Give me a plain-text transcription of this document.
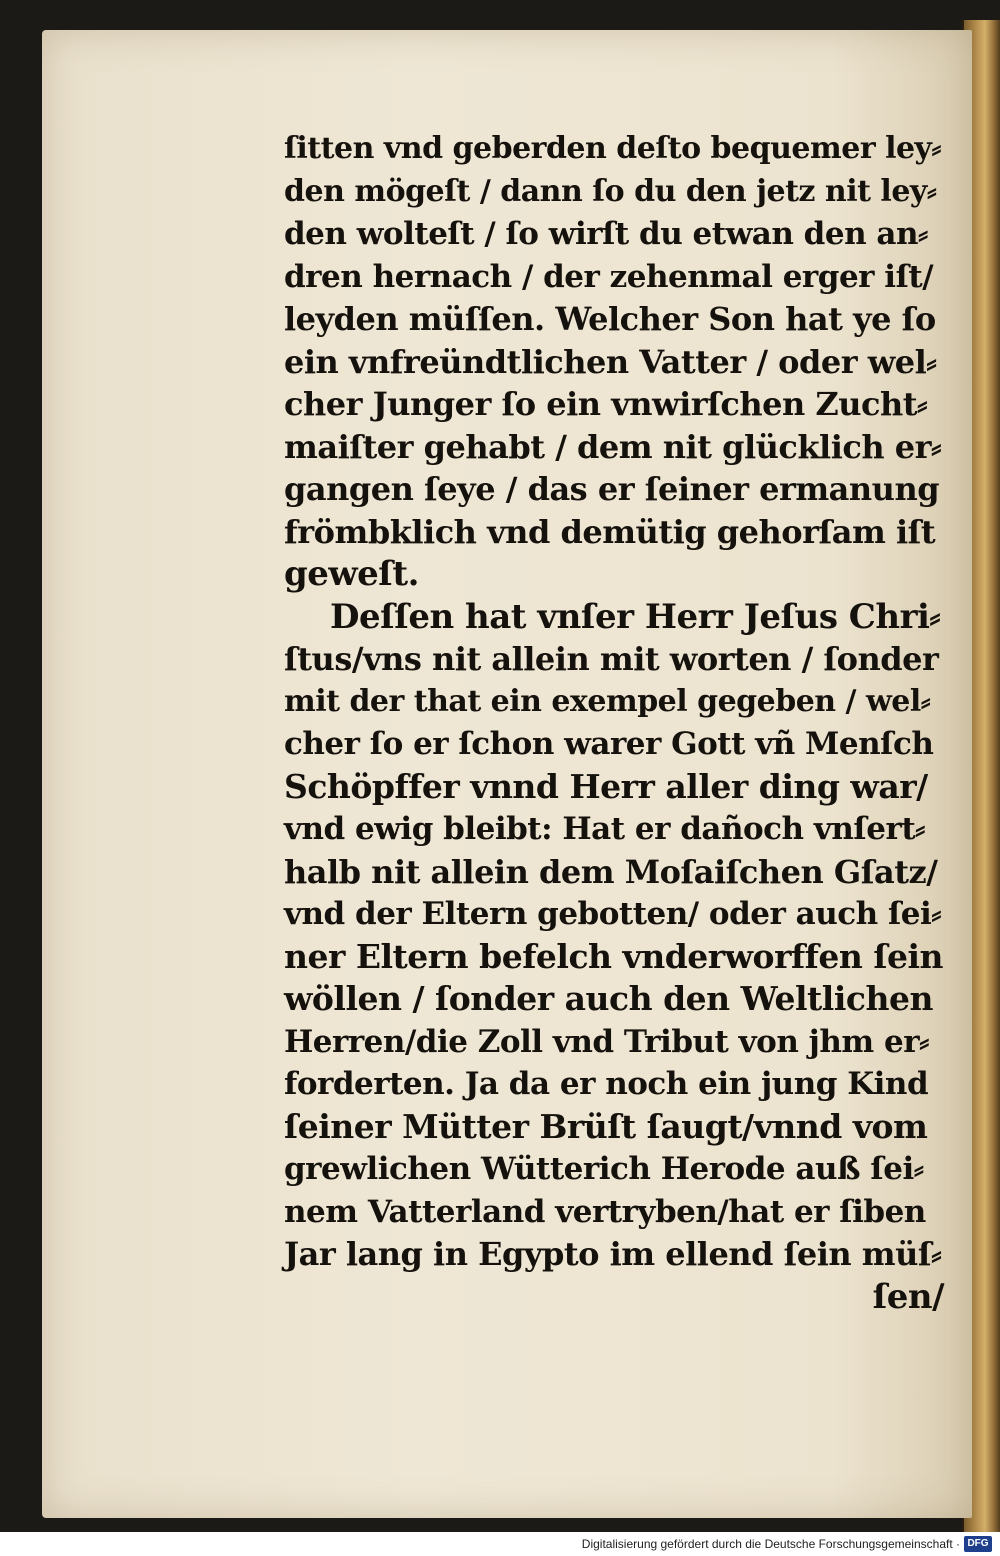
ſitten vnd geberden deſto bequemer ley⸗
den mögeſt / dann ſo du den jetz nit ley⸗
den wolteſt / ſo wirſt du etwan den an⸗
dren hernach / der zehenmal erger iſt/
leyden müſſen. Welcher Son hat ye ſo
ein vnfreündtlichen Vatter / oder wel⸗
cher Junger ſo ein vnwirſchen Zucht⸗
maiſter gehabt / dem nit glücklich er⸗
gangen ſeye / das er ſeiner ermanung
frömbklich vnd demütig gehorſam iſt
geweſt.
Deſſen hat vnſer Herr Jeſus Chri⸗
ſtus/vns nit allein mit worten / ſonder
mit der that ein exempel gegeben / wel⸗
cher ſo er ſchon warer Gott vñ Menſch
Schöpffer vnnd Herr aller ding war/
vnd ewig bleibt: Hat er dañoch vnſert⸗
halb nit allein dem Moſaiſchen Gſatz/
vnd der Eltern gebotten/ oder auch ſei⸗
ner Eltern befelch vnderworffen ſein
wöllen / ſonder auch den Weltlichen
Herren/die Zoll vnd Tribut von jhm er⸗
forderten. Ja da er noch ein jung Kind
ſeiner Mütter Brüſt ſaugt/vnnd vom
grewlichen Wütterich Herode auß ſei⸗
nem Vatterland vertryben/hat er ſiben
Jar lang in Egypto im ellend ſein müſ⸗
ſen/
Digitalisierung gefördert durch die Deutsche Forschungsgemeinschaft · DFG
